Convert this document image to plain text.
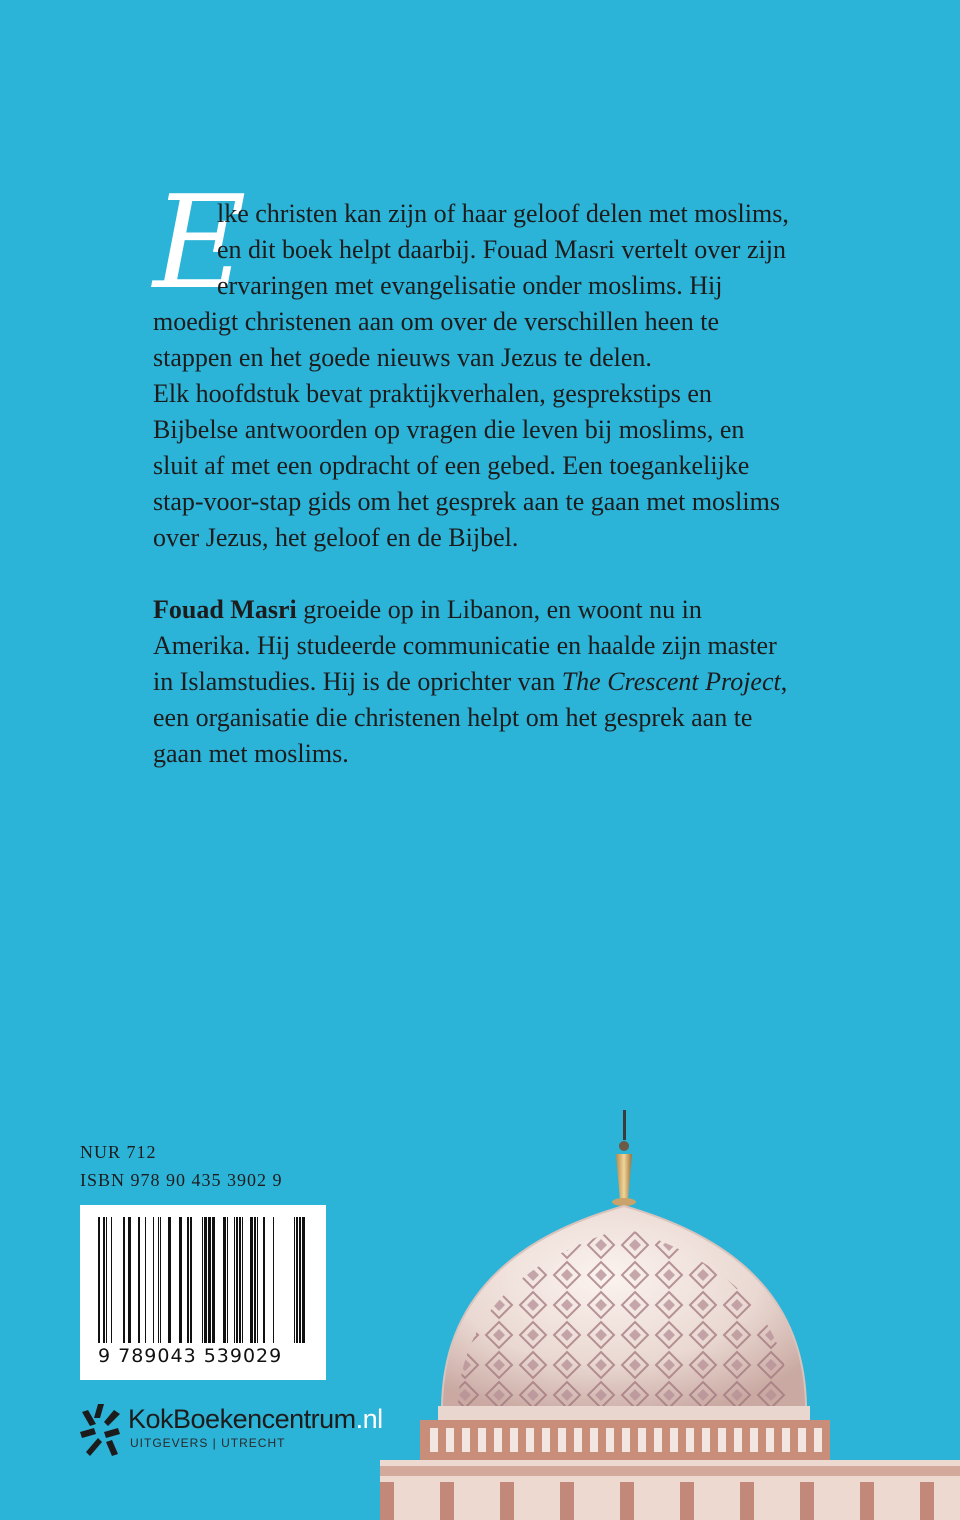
E
lke christen kan zijn of haar geloof delen met moslims, en dit boek helpt daarbij. Fouad Masri vertelt over zijn ervaringen met evangelisatie onder moslims. Hij moedigt christenen aan om over de verschillen heen te stappen en het goede nieuws van Jezus te delen.

Elk hoofdstuk bevat praktijkverhalen, gesprekstips en Bijbelse antwoorden op vragen die leven bij moslims, en sluit af met een opdracht of een gebed. Een toegankelijke stap-voor-stap gids om het gesprek aan te gaan met moslims over Jezus, het geloof en de Bijbel.

Fouad Masri groeide op in Libanon, en woont nu in Amerika. Hij studeerde communicatie en haalde zijn master in Islamstudies. Hij is de oprichter van The Crescent Project, een organisatie die christenen helpt om het gesprek aan te gaan met moslims.

NUR 712
ISBN 978 90 435 3902 9
9 789043 539029
KokBoekencentrum.nl
UITGEVERS | UTRECHT
